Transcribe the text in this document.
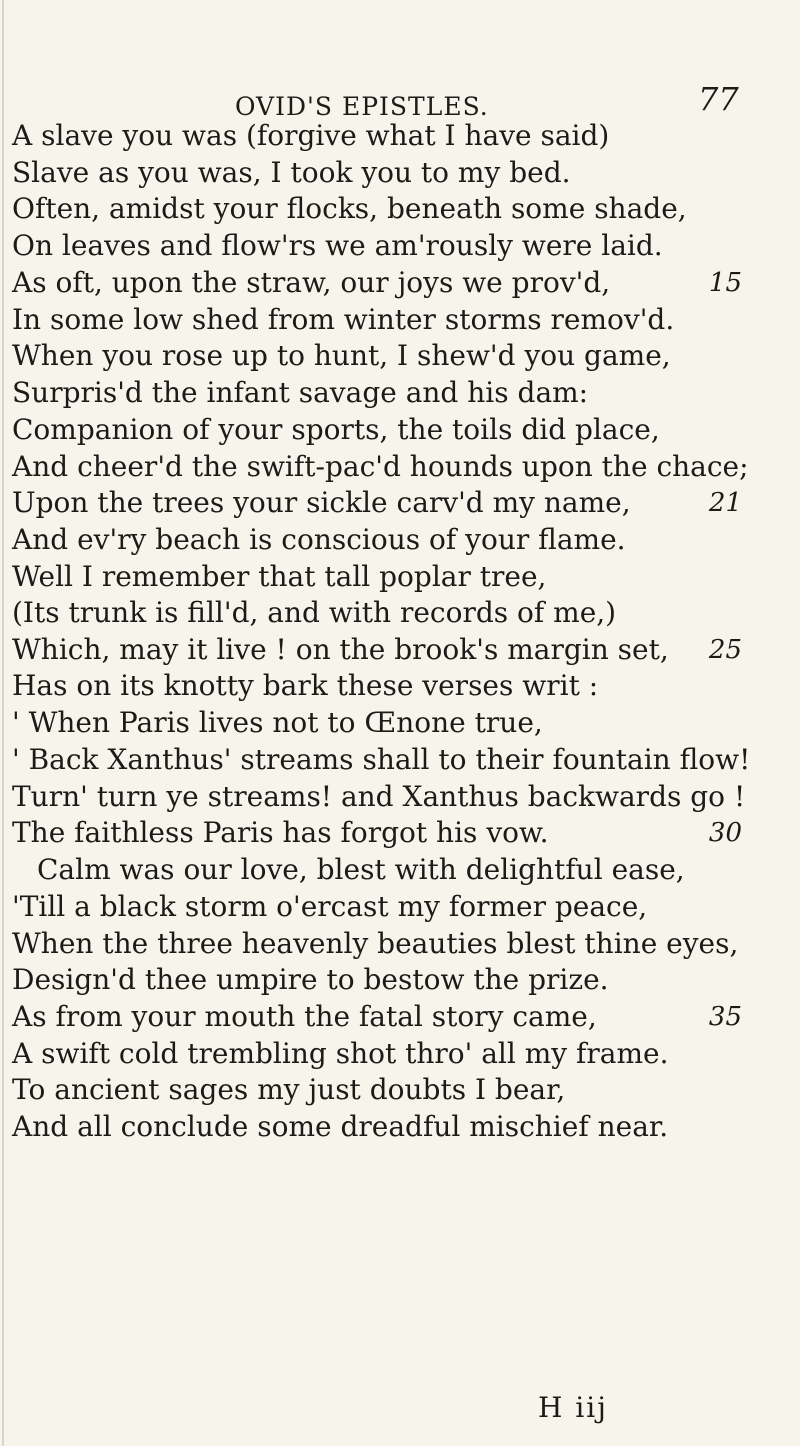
OVID'S EPISTLES.	77
A slave you was (forgive what I have said)
Slave as you was, I took you to my bed.
Often, amidst your flocks, beneath some shade,
On leaves and flow'rs we am'rously were laid.
As oft, upon the straw, our joys we prov'd,	15
In some low shed from winter storms remov'd.
When you rose up to hunt, I shew'd you game,
Surpris'd the infant savage and his dam:
Companion of your sports, the toils did place,
And cheer'd the swift-pac'd hounds upon the chace;
Upon the trees your sickle carv'd my name,	21
And ev'ry beach is conscious of your flame.
Well I remember that tall poplar tree,
(Its trunk is fill'd, and with records of me,)
Which, may it live ! on the brook's margin set, 25
Has on its knotty bark these verses writ :
' When Paris lives not to Œnone true,
' Back Xanthus' streams shall to their fountain flow!
Turn' turn ye streams! and Xanthus backwards go !
The faithless Paris has forgot his vow.	30
Calm was our love, blest with delightful ease,
'Till a black storm o'ercast my former peace,
When the three heavenly beauties blest thine eyes,
Design'd thee umpire to bestow the prize.
As from your mouth the fatal story came,	35
A swift cold trembling shot thro' all my frame.
To ancient sages my just doubts I bear,
And all conclude some dreadful mischief near.
H iij
